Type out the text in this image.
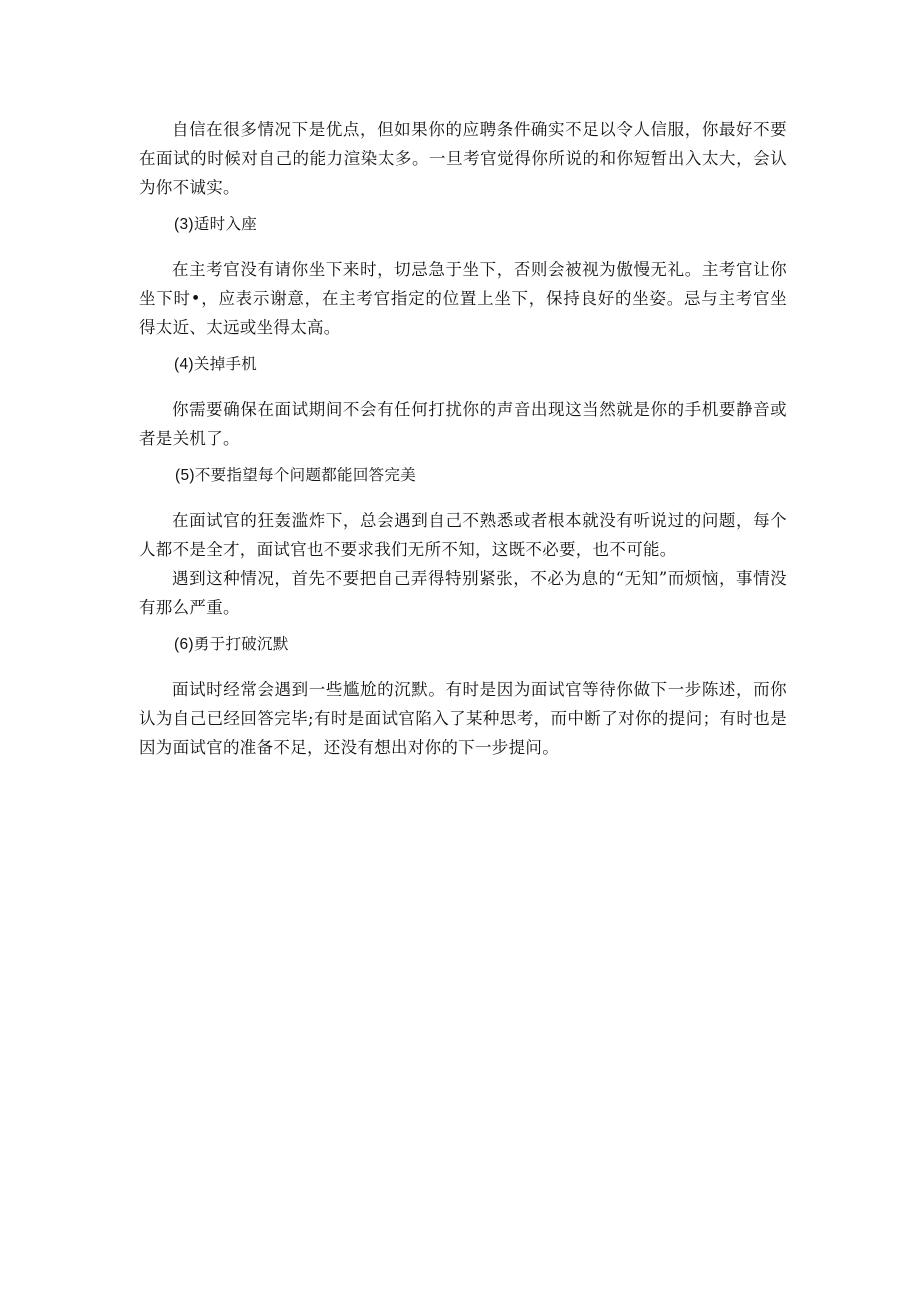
自信在很多情况下是优点，但如果你的应聘条件确实不足以令人信服，你最好不要在面试的时候对自己的能力渲染太多。一旦考官觉得你所说的和你短暂出入太大，会认为你不诚实。

(3)适时入座

在主考官没有请你坐下来时，切忌急于坐下，否则会被视为傲慢无礼。主考官让你坐下时•，应表示谢意，在主考官指定的位置上坐下，保持良好的坐姿。忌与主考官坐得太近、太远或坐得太高。

(4)关掉手机

你需要确保在面试期间不会有任何打扰你的声音出现这当然就是你的手机要静音或者是关机了。

(5)不要指望每个问题都能回答完美

在面试官的狂轰滥炸下，总会遇到自己不熟悉或者根本就没有听说过的问题，每个人都不是全才，面试官也不要求我们无所不知，这既不必要，也不可能。

遇到这种情况，首先不要把自己弄得特别紧张，不必为息的“无知”而烦恼，事情没有那么严重。

(6)勇于打破沉默

面试时经常会遇到一些尴尬的沉默。有时是因为面试官等待你做下一步陈述，而你认为自己已经回答完毕;有时是面试官陷入了某种思考，而中断了对你的提问；有时也是因为面试官的准备不足，还没有想出对你的下一步提问。
